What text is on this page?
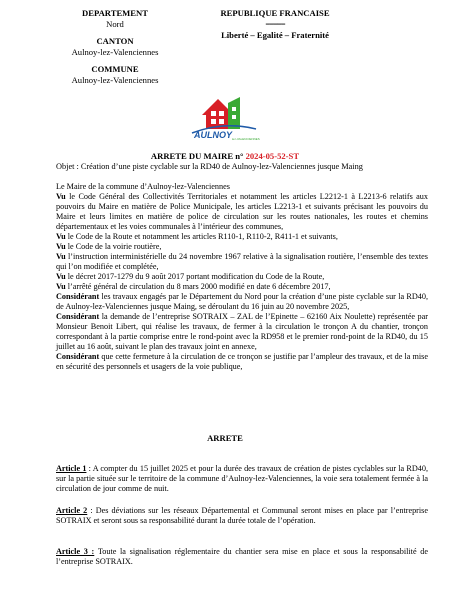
DEPARTEMENT
Nord
CANTON
Aulnoy-lez-Valenciennes
COMMUNE
Aulnoy-lez-Valenciennes
REPUBLIQUE FRANCAISE
=====
Liberté – Egalité – Fraternité
AULNOY lez-VALENCIENNES
ARRETE DU MAIRE n° 2024-05-52-ST
Objet : Création d’une piste cyclable sur la RD40 de Aulnoy-lez-Valenciennes jusque Maing

Le Maire de la commune d’Aulnoy-lez-Valenciennes

Vu le Code Général des Collectivités Territoriales et notamment les articles L2212-1 à L2213-6 relatifs aux pouvoirs du Maire en matière de Police Municipale, les articles L2213-1 et suivants précisant les pouvoirs du Maire et leurs limites en matière de police de circulation sur les routes nationales, les routes et chemins départementaux et les voies communales à l’intérieur des communes,

Vu le Code de la Route et notamment les articles R110-1, R110-2, R411-1 et suivants,

Vu le Code de la voirie routière,

Vu l’instruction interministérielle du 24 novembre 1967 relative à la signalisation routière, l’ensemble des textes qui l’on modifiée et complétée,

Vu le décret 2017-1279 du 9 août 2017 portant modification du Code de la Route,

Vu l’arrêté général de circulation du 8 mars 2000 modifié en date 6 décembre 2017,

Considérant les travaux engagés par le Département du Nord pour la création d’une piste cyclable sur la RD40, de Aulnoy-lez-Valenciennes jusque Maing, se déroulant du 16 juin au 20 novembre 2025,

Considérant la demande de l’entreprise SOTRAIX – ZAL de l’Epinette – 62160 Aix Noulette) représentée par Monsieur Benoit Libert, qui réalise les travaux, de fermer à la circulation le tronçon A du chantier, tronçon correspondant à la partie comprise entre le rond-point avec la RD958 et le premier rond-point de la RD40, du 15 juillet au 16 août, suivant le plan des travaux joint en annexe,

Considérant que cette fermeture à la circulation de ce tronçon se justifie par l’ampleur des travaux, et de la mise en sécurité des personnels et usagers de la voie publique,

ARRETE
Article 1 : A compter du 15 juillet 2025 et pour la durée des travaux de création de pistes cyclables sur la RD40, sur la partie située sur le territoire de la commune d’Aulnoy-lez-Valenciennes, la voie sera totalement fermée à la circulation de jour comme de nuit.
Article 2 : Des déviations sur les réseaux Départemental et Communal seront mises en place par l’entreprise SOTRAIX et seront sous sa responsabilité durant la durée totale de l’opération.
Article 3 : Toute la signalisation réglementaire du chantier sera mise en place et sous la responsabilité de l’entreprise SOTRAIX.
